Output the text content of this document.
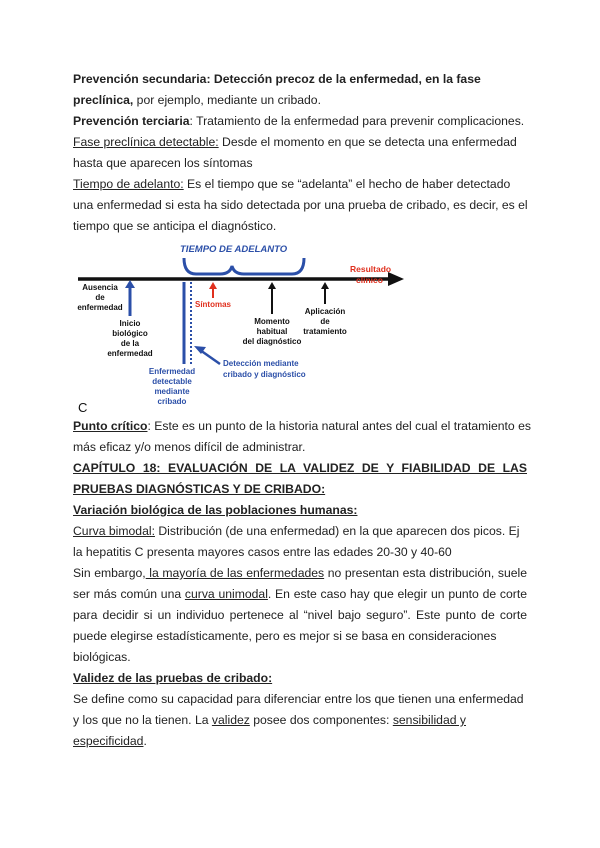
Prevención secundaria: Detección precoz de la enfermedad, en la fase
preclínica, por ejemplo, mediante un cribado.
Prevención terciaria: Tratamiento de la enfermedad para prevenir complicaciones.
Fase preclínica detectable: Desde el momento en que se detecta una enfermedad
hasta que aparecen los síntomas
Tiempo de adelanto: Es el tiempo que se “adelanta” el hecho de haber detectado
una enfermedad si esta ha sido detectada por una prueba de cribado, es decir, es el
tiempo que se anticipa el diagnóstico.
TIEMPO DE ADELANTO
Resultado clínico
Ausencia de enfermedad
Inicio biológico de la enfermedad
Enfermedad detectable mediante cribado
Detección mediante cribado y diagnóstico
Síntomas
Momento habitual del diagnóstico
Aplicación de tratamiento
C
Punto crítico: Este es un punto de la historia natural antes del cual el tratamiento es
más eficaz y/o menos difícil de administrar.
CAPÍTULO 18: EVALUACIÓN DE LA VALIDEZ DE Y FIABILIDAD DE LAS
PRUEBAS DIAGNÓSTICAS Y DE CRIBADO:
Variación biológica de las poblaciones humanas:
Curva bimodal: Distribución (de una enfermedad) en la que aparecen dos picos. Ej
la hepatitis C presenta mayores casos entre las edades 20-30 y 40-60
Sin embargo, la mayoría de las enfermedades no presentan esta distribución, suele
ser más común una curva unimodal. En este caso hay que elegir un punto de corte
para decidir si un individuo pertenece al “nivel bajo seguro”. Este punto de corte
puede elegirse estadísticamente, pero es mejor si se basa en consideraciones
biológicas.
Validez de las pruebas de cribado:
Se define como su capacidad para diferenciar entre los que tienen una enfermedad
y los que no la tienen. La validez posee dos componentes: sensibilidad y
especificidad.
